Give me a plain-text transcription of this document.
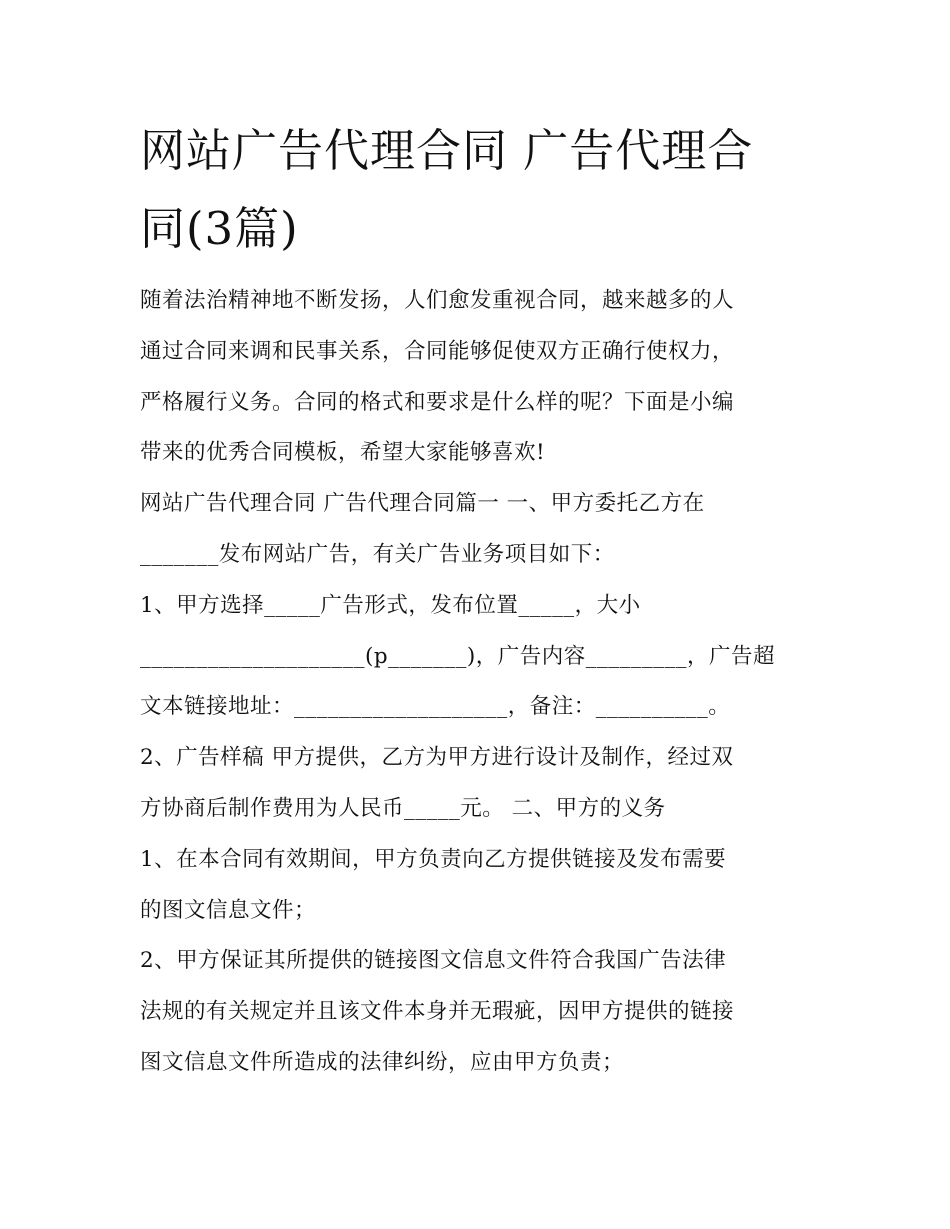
网站广告代理合同 广告代理合
同(3篇)
随着法治精神地不断发扬，人们愈发重视合同，越来越多的人
通过合同来调和民事关系，合同能够促使双方正确行使权力，
严格履行义务。合同的格式和要求是什么样的呢？下面是小编
带来的优秀合同模板，希望大家能够喜欢!
网站广告代理合同 广告代理合同篇一 一、甲方委托乙方在
_______发布网站广告，有关广告业务项目如下：
1、甲方选择_____广告形式，发布位置_____，大小
____________________(p_______)，广告内容_________，广告超
文本链接地址：___________________，备注：__________。
2、广告样稿 甲方提供，乙方为甲方进行设计及制作，经过双
方协商后制作费用为人民币_____元。 二、甲方的义务
1、在本合同有效期间，甲方负责向乙方提供链接及发布需要
的图文信息文件；
2、甲方保证其所提供的链接图文信息文件符合我国广告法律
法规的有关规定并且该文件本身并无瑕疵，因甲方提供的链接
图文信息文件所造成的法律纠纷，应由甲方负责；
